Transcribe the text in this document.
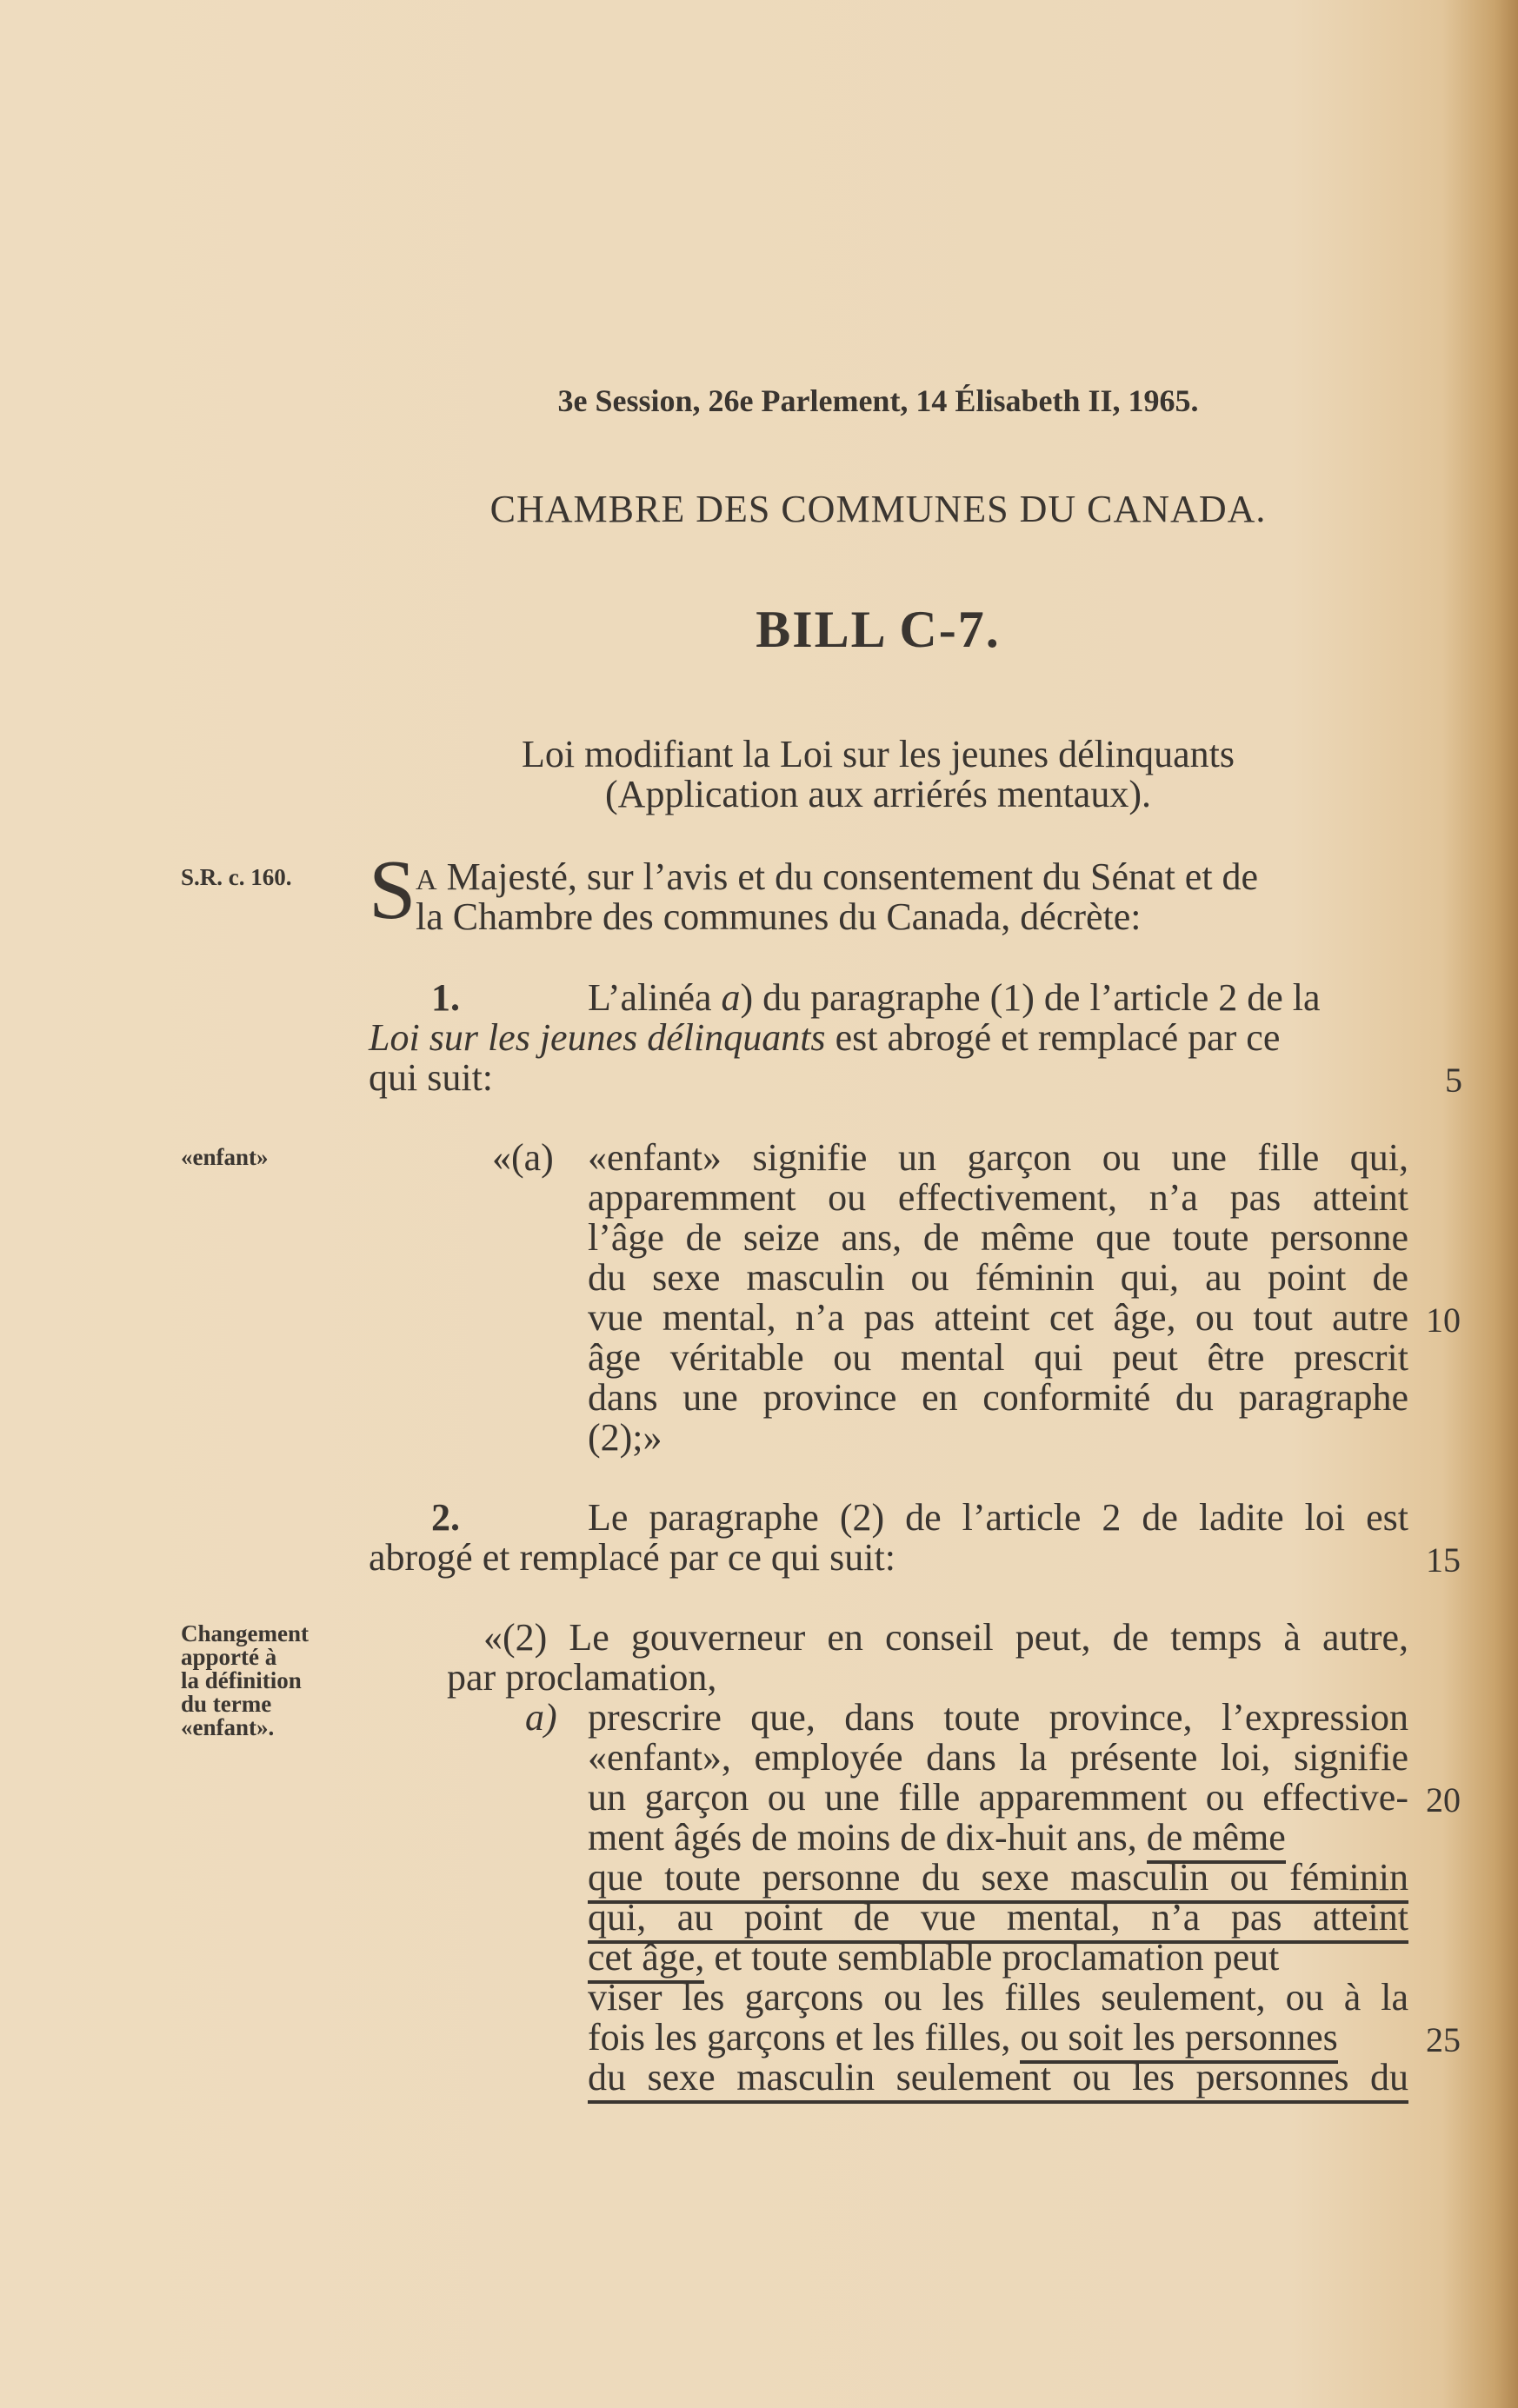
3e Session, 26e Parlement, 14 Élisabeth II, 1965.
CHAMBRE DES COMMUNES DU CANADA.
BILL C-7.
Loi modifiant la Loi sur les jeunes délinquants
(Application aux arriérés mentaux).
S.R. c. 160.
«enfant»
Changement
apporté à
la définition
du terme
«enfant».
S A Majesté, sur l’avis et du consentement du Sénat et de
la Chambre des communes du Canada, décrète:
1.	L’alinéa a) du paragraphe (1) de l’article 2 de la
Loi sur les jeunes délinquants est abrogé et remplacé par ce
qui suit:
«(a) «enfant» signifie un garçon ou une fille qui,
apparemment ou effectivement, n’a pas atteint
l’âge de seize ans, de même que toute personne
du sexe masculin ou féminin qui, au point de
vue mental, n’a pas atteint cet âge, ou tout autre
âge véritable ou mental qui peut être prescrit
dans une province en conformité du paragraphe
(2);»
2.	Le paragraphe (2) de l’article 2 de ladite loi est
abrogé et remplacé par ce qui suit:
«(2) Le gouverneur en conseil peut, de temps à autre,
par proclamation,
a) prescrire que, dans toute province, l’expression
«enfant», employée dans la présente loi, signifie
un garçon ou une fille apparemment ou effective-
ment âgés de moins de dix-huit ans, de même
que toute personne du sexe masculin ou féminin
qui, au point de vue mental, n’a pas atteint
cet âge, et toute semblable proclamation peut
viser les garçons ou les filles seulement, ou à la
fois les garçons et les filles, ou soit les personnes
du sexe masculin seulement ou les personnes du
5
10
15
20
25
